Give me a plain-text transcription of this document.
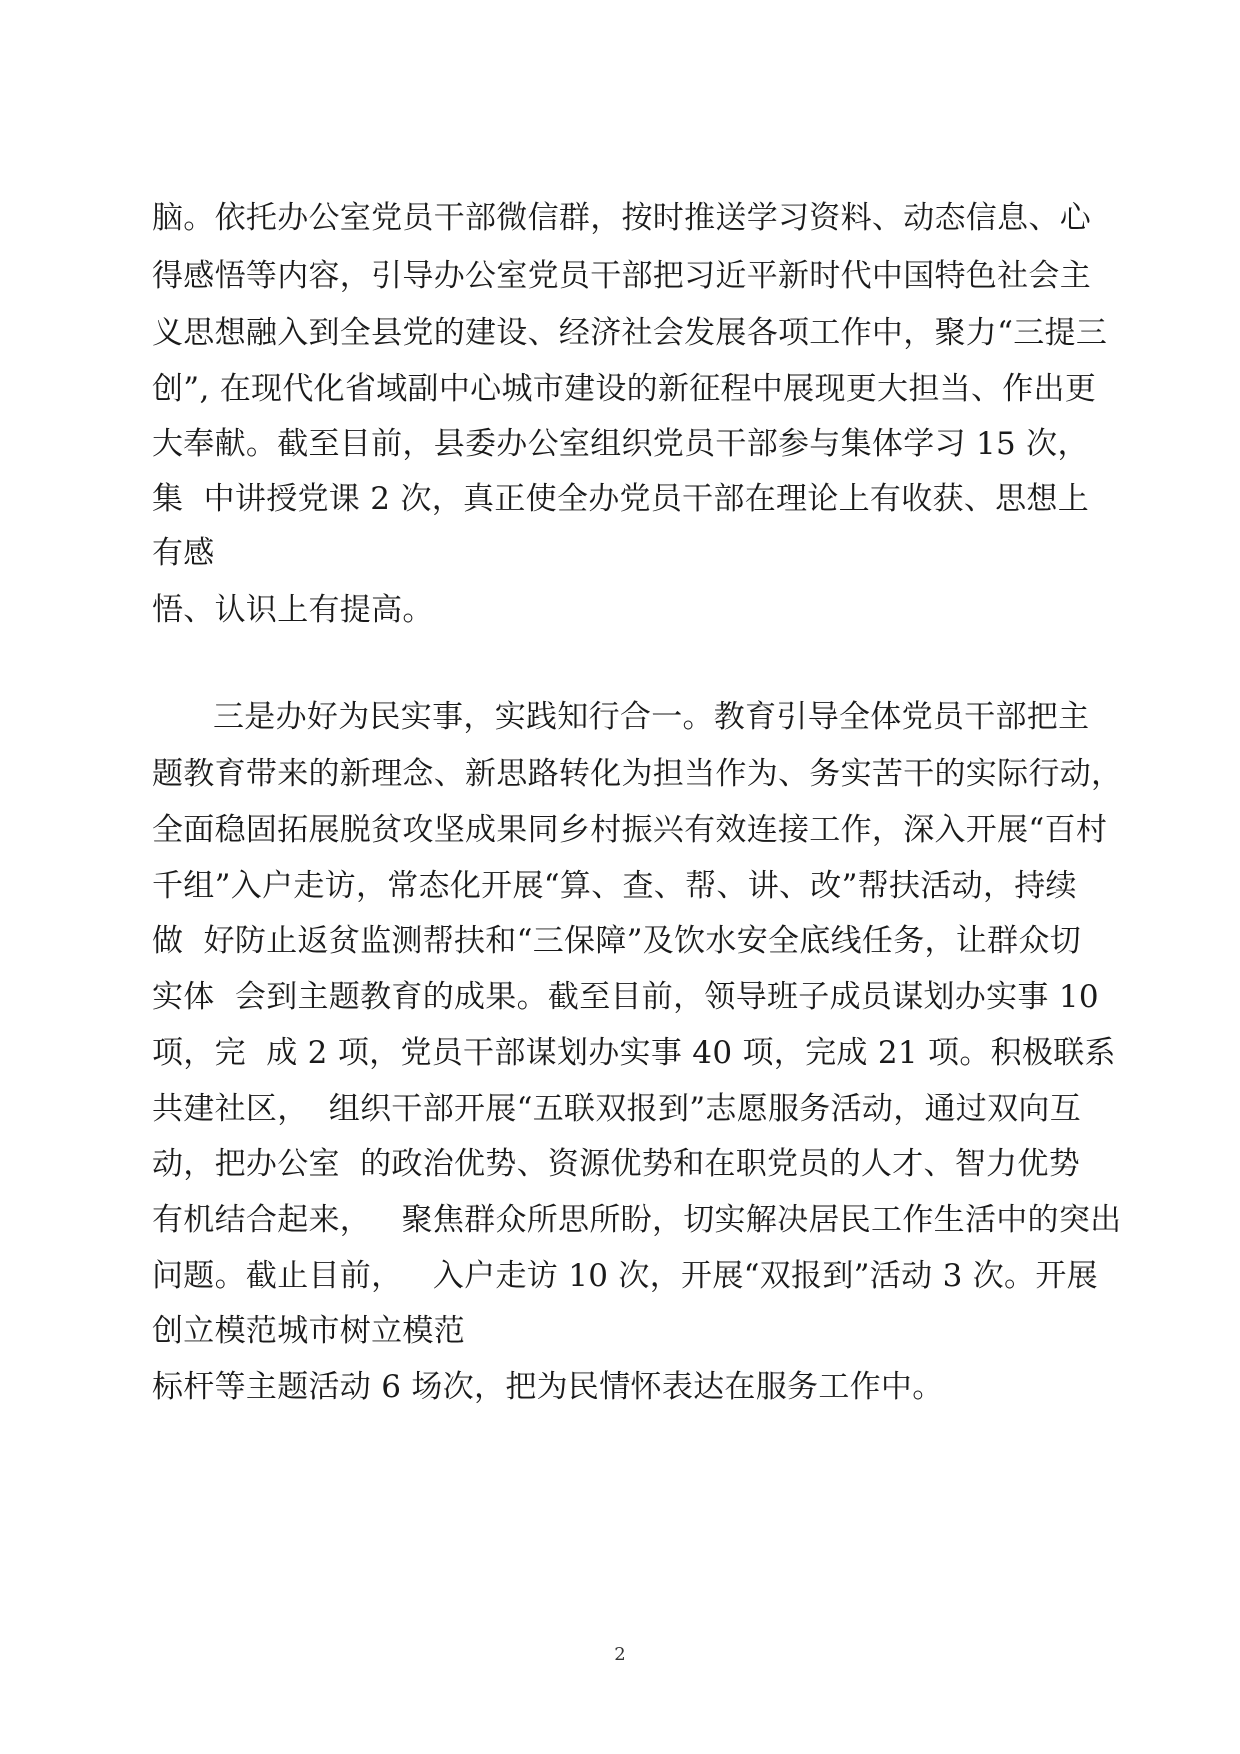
脑。依托办公室党员干部微信群，按时推送学习资料、动态信息、心
得感悟等内容，引导办公室党员干部把习近平新时代中国特色社会主
义思想融入到全县党的建设、经济社会发展各项工作中，聚力“三提三
创”, 在现代化省域副中心城市建设的新征程中展现更大担当、作出更
大奉献。截至目前，县委办公室组织党员干部参与集体学习 15 次，
集  中讲授党课 2 次，真正使全办党员干部在理论上有收获、思想上
有感
悟、认识上有提高。
三是办好为民实事，实践知行合一。教育引导全体党员干部把主
题教育带来的新理念、新思路转化为担当作为、务实苦干的实际行动，
全面稳固拓展脱贫攻坚成果同乡村振兴有效连接工作，深入开展“百村
千组”入户走访，常态化开展“算、查、帮、讲、改”帮扶活动，持续
做  好防止返贫监测帮扶和“三保障”及饮水安全底线任务，让群众切
实体  会到主题教育的成果。截至目前，领导班子成员谋划办实事 10
项，完  成 2 项，党员干部谋划办实事 40 项，完成 21 项。积极联系
共建社区，  组织干部开展“五联双报到”志愿服务活动，通过双向互
动，把办公室  的政治优势、资源优势和在职党员的人才、智力优势
有机结合起来，   聚焦群众所思所盼，切实解决居民工作生活中的突出
问题。截止目前，   入户走访 10 次，开展“双报到”活动 3 次。开展
创立模范城市树立模范
标杆等主题活动 6 场次，把为民情怀表达在服务工作中。
2
